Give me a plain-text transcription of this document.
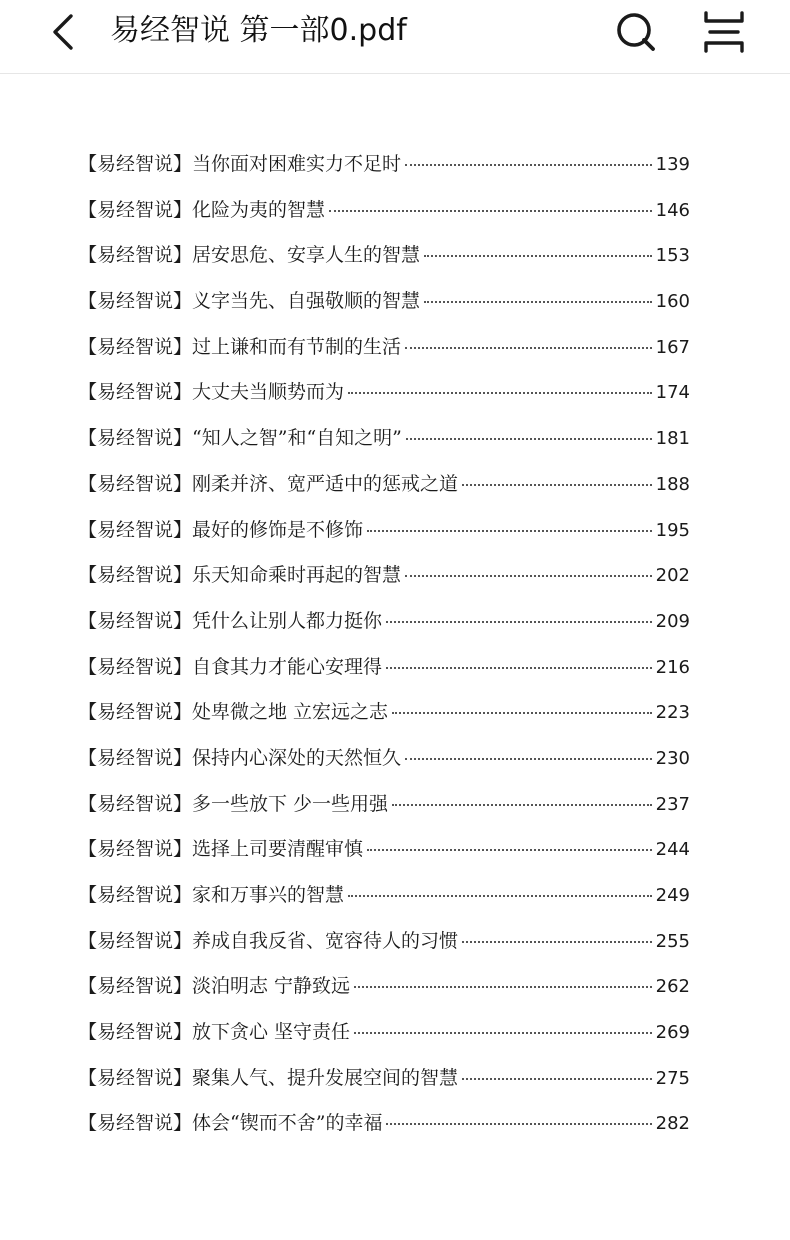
易经智说 第一部0.pdf
【易经智说】 当你面对困难实力不足时	139
【易经智说】 化险为夷的智慧	146
【易经智说】 居安思危、安享人生的智慧	153
【易经智说】 义字当先、自强敬顺的智慧	160
【易经智说】 过上谦和而有节制的生活	167
【易经智说】 大丈夫当顺势而为	174
【易经智说】 “知人之智”和“自知之明”	181
【易经智说】 刚柔并济、宽严适中的惩戒之道	188
【易经智说】 最好的修饰是不修饰	195
【易经智说】 乐天知命乘时再起的智慧	202
【易经智说】 凭什么让别人都力挺你	209
【易经智说】 自食其力才能心安理得	216
【易经智说】 处卑微之地 立宏远之志	223
【易经智说】 保持内心深处的天然恒久	230
【易经智说】 多一些放下 少一些用强	237
【易经智说】 选择上司要清醒审慎	244
【易经智说】 家和万事兴的智慧	249
【易经智说】 养成自我反省、宽容待人的习惯	255
【易经智说】 淡泊明志 宁静致远	262
【易经智说】 放下贪心 坚守责任	269
【易经智说】 聚集人气、提升发展空间的智慧	275
【易经智说】 体会“锲而不舍”的幸福	282
